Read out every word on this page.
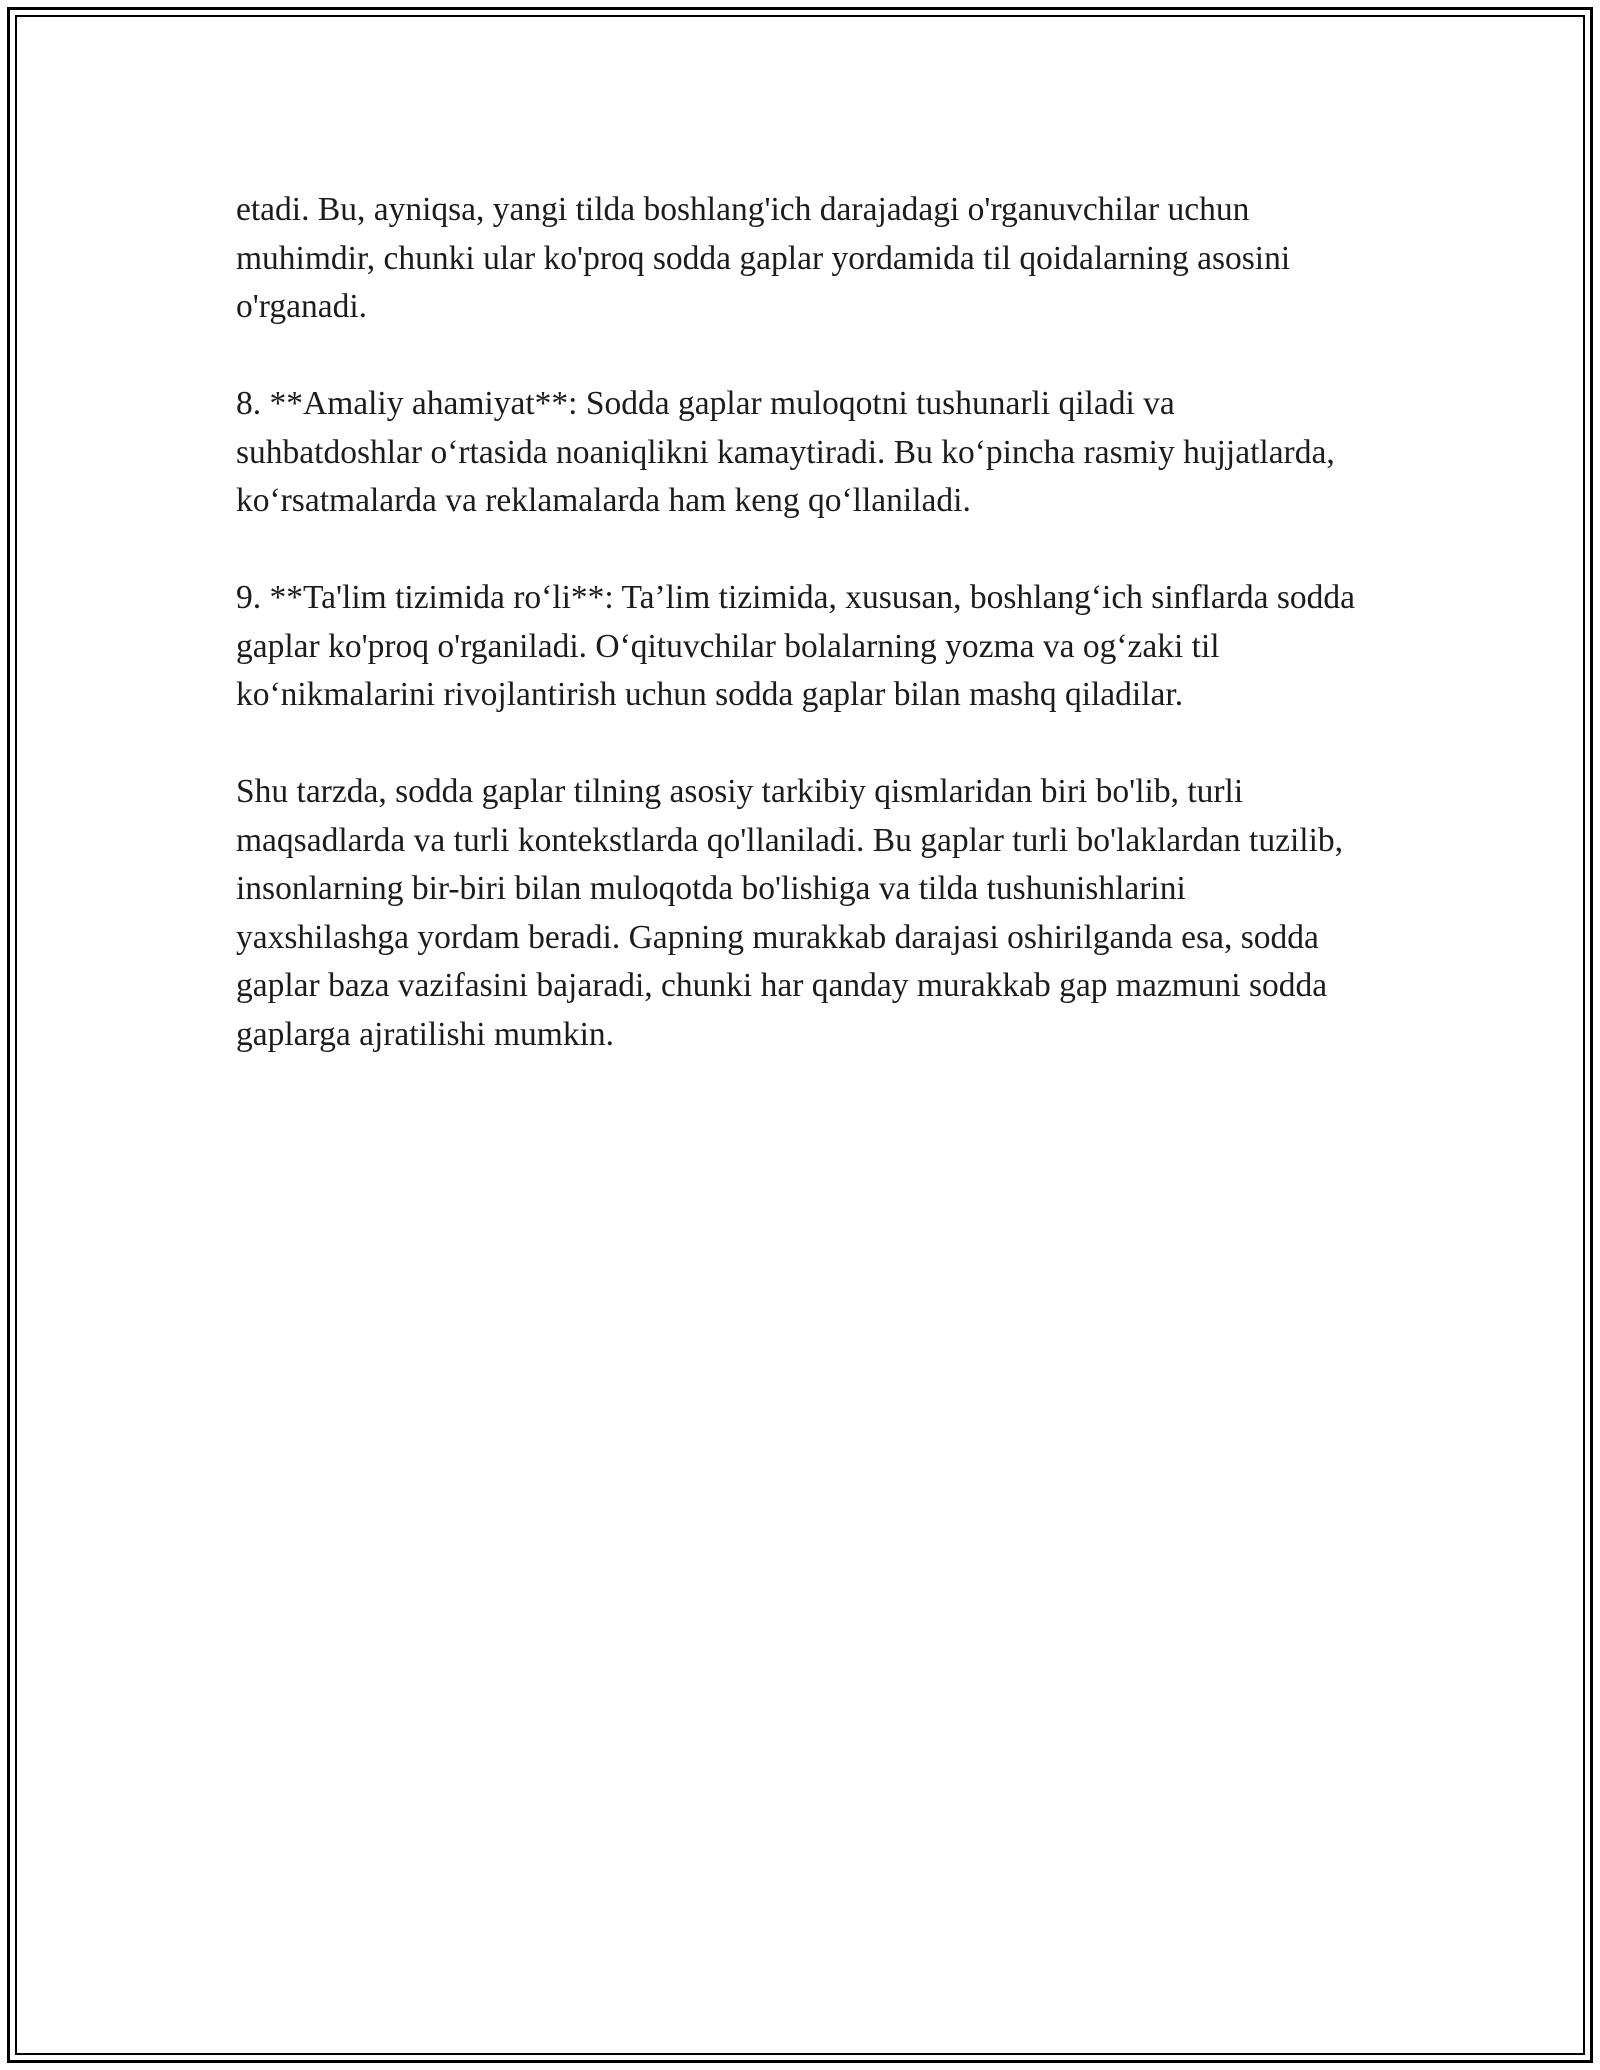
etadi. Bu, ayniqsa, yangi tilda boshlang'ich darajadagi o'rganuvchilar uchun muhimdir, chunki ular ko'proq sodda gaplar yordamida til qoidalarning asosini o'rganadi.

8. **Amaliy ahamiyat**: Sodda gaplar muloqotni tushunarli qiladi va suhbatdoshlar o‘rtasida noaniqlikni kamaytiradi. Bu ko‘pincha rasmiy hujjatlarda, ko‘rsatmalarda va reklamalarda ham keng qo‘llaniladi.

9. **Ta'lim tizimida ro‘li**: Ta’lim tizimida, xususan, boshlang‘ich sinflarda sodda gaplar ko'proq o'rganiladi. O‘qituvchilar bolalarning yozma va og‘zaki til ko‘nikmalarini rivojlantirish uchun sodda gaplar bilan mashq qiladilar.

Shu tarzda, sodda gaplar tilning asosiy tarkibiy qismlaridan biri bo'lib, turli maqsadlarda va turli kontekstlarda qo'llaniladi. Bu gaplar turli bo'laklardan tuzilib, insonlarning bir-biri bilan muloqotda bo'lishiga va tilda tushunishlarini yaxshilashga yordam beradi. Gapning murakkab darajasi oshirilganda esa, sodda gaplar baza vazifasini bajaradi, chunki har qanday murakkab gap mazmuni sodda gaplarga ajratilishi mumkin.
